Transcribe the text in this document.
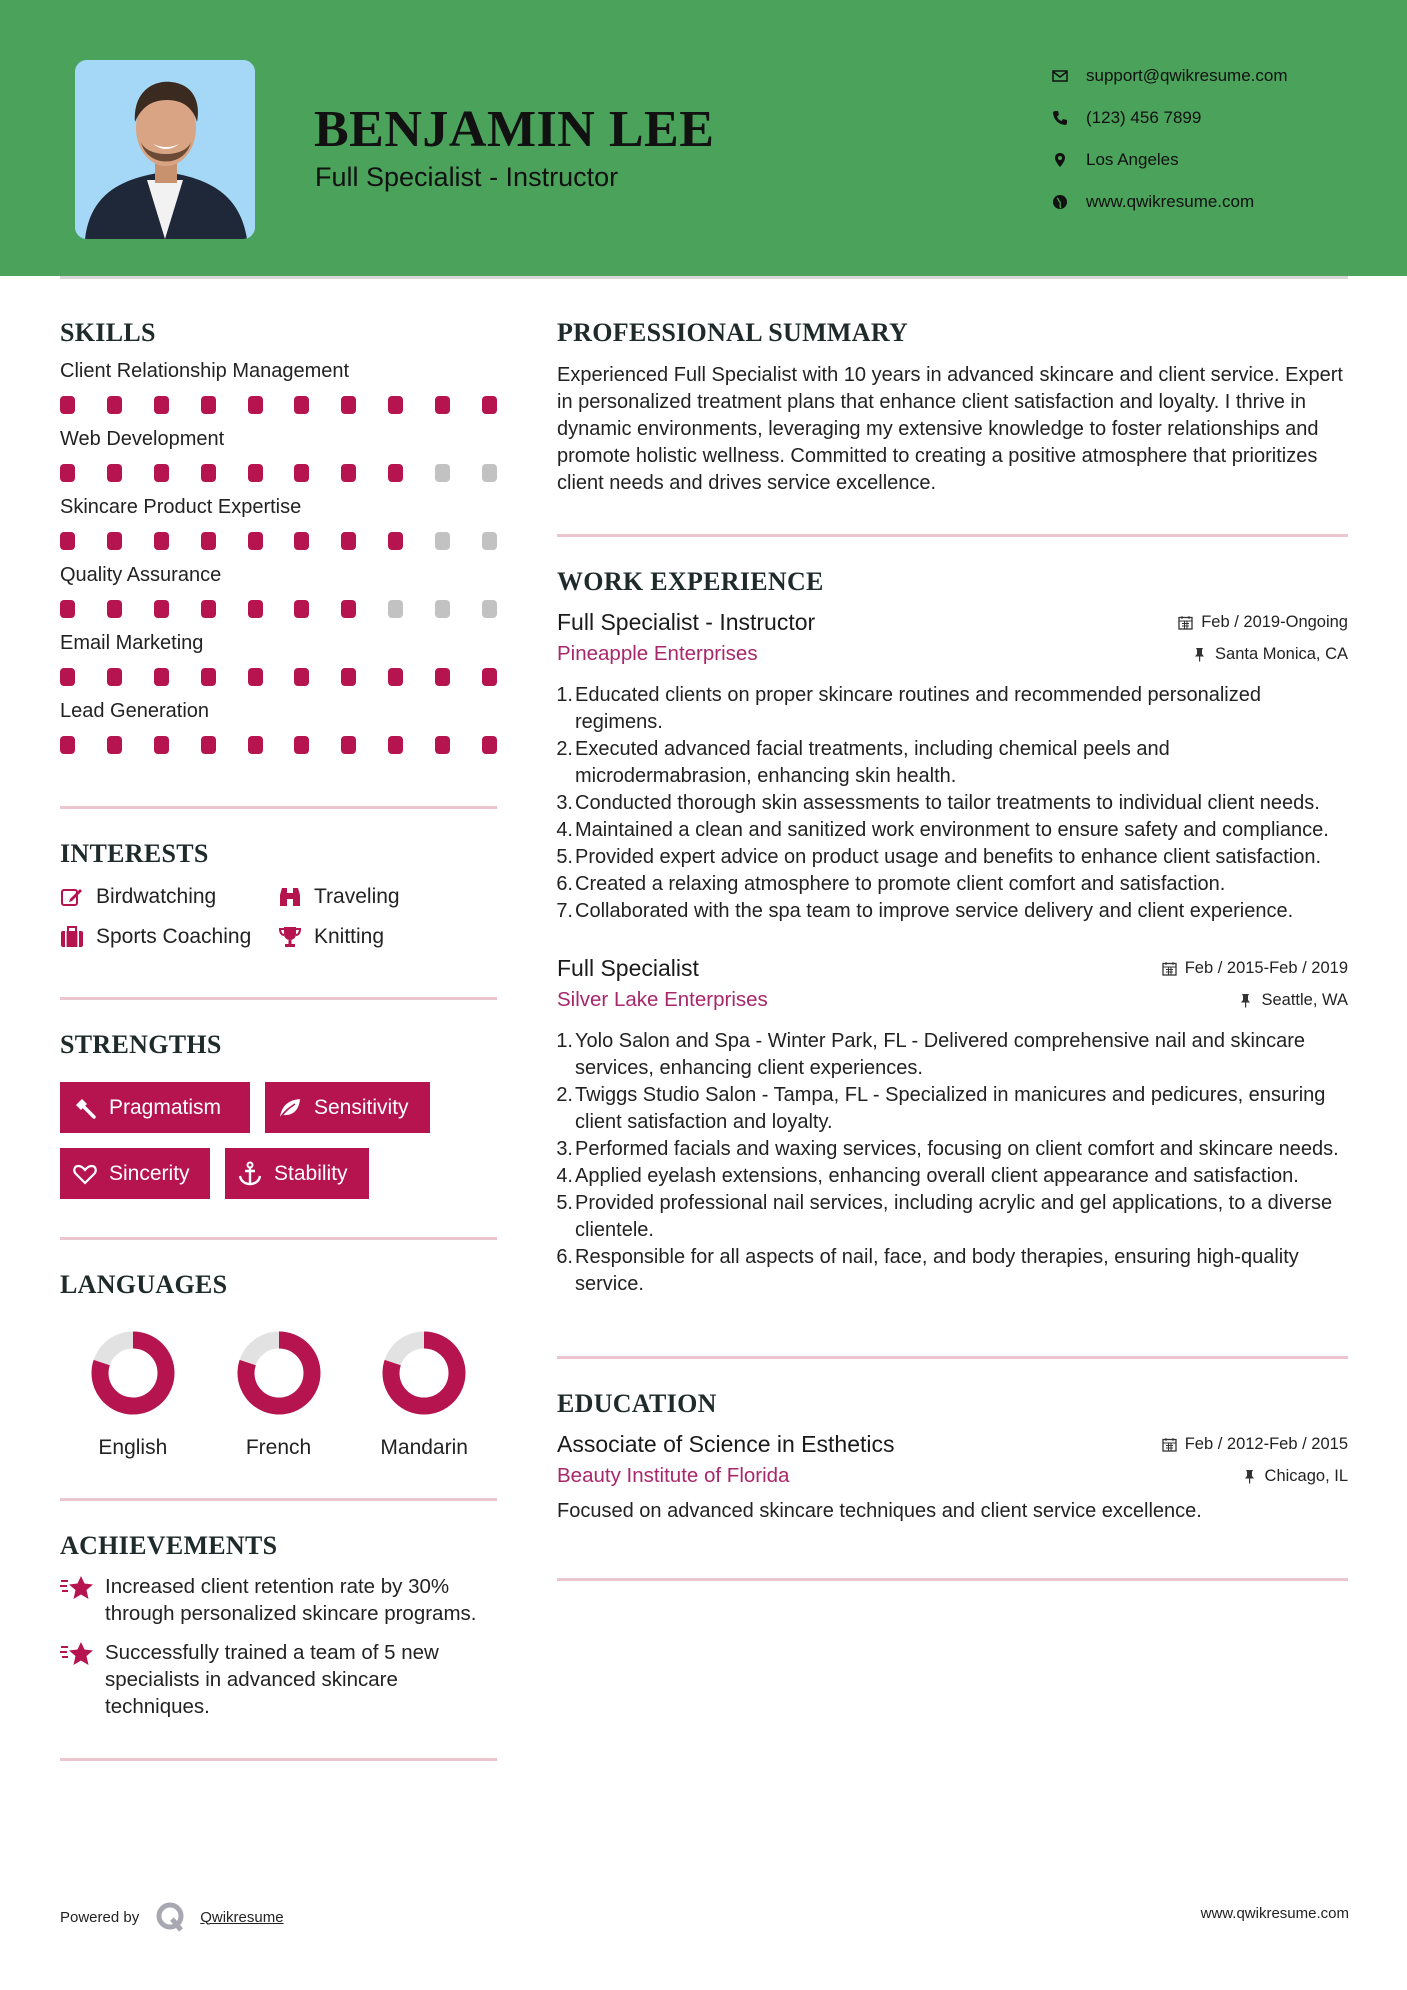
BENJAMIN LEE
Full Specialist - Instructor
support@qwikresume.com
(123) 456 7899
Los Angeles
www.qwikresume.com
SKILLS
Client Relationship Management
Web Development
Skincare Product Expertise
Quality Assurance
Email Marketing
Lead Generation
INTERESTS
Birdwatching	Traveling
Sports Coaching	Knitting
STRENGTHS
Pragmatism	Sensitivity
Sincerity	Stability
LANGUAGES
English	French	Mandarin
ACHIEVEMENTS

Increased client retention rate by 30% through personalized skincare programs.

Successfully trained a team of 5 new specialists in advanced skincare techniques.

PROFESSIONAL SUMMARY

Experienced Full Specialist with 10 years in advanced skincare and client service. Expert in personalized treatment plans that enhance client satisfaction and loyalty. I thrive in dynamic environments, leveraging my extensive knowledge to foster relationships and promote holistic wellness. Committed to creating a positive atmosphere that prioritizes client needs and drives service excellence.

WORK EXPERIENCE
Full Specialist - Instructor	Feb / 2019-Ongoing
Pineapple Enterprises	Santa Monica, CA
1. Educated clients on proper skincare routines and recommended personalized regimens.
2. Executed advanced facial treatments, including chemical peels and microdermabrasion, enhancing skin health.
3. Conducted thorough skin assessments to tailor treatments to individual client needs.
4. Maintained a clean and sanitized work environment to ensure safety and compliance.
5. Provided expert advice on product usage and benefits to enhance client satisfaction.
6. Created a relaxing atmosphere to promote client comfort and satisfaction.
7. Collaborated with the spa team to improve service delivery and client experience.
Full Specialist	Feb / 2015-Feb / 2019
Silver Lake Enterprises	Seattle, WA
1. Yolo Salon and Spa - Winter Park, FL - Delivered comprehensive nail and skincare services, enhancing client experiences.
2. Twiggs Studio Salon - Tampa, FL - Specialized in manicures and pedicures, ensuring client satisfaction and loyalty.
3. Performed facials and waxing services, focusing on client comfort and skincare needs.
4. Applied eyelash extensions, enhancing overall client appearance and satisfaction.
5. Provided professional nail services, including acrylic and gel applications, to a diverse clientele.
6. Responsible for all aspects of nail, face, and body therapies, ensuring high-quality service.
EDUCATION
Associate of Science in Esthetics	Feb / 2012-Feb / 2015
Beauty Institute of Florida	Chicago, IL

Focused on advanced skincare techniques and client service excellence.

Powered by	Qwikresume	www.qwikresume.com
